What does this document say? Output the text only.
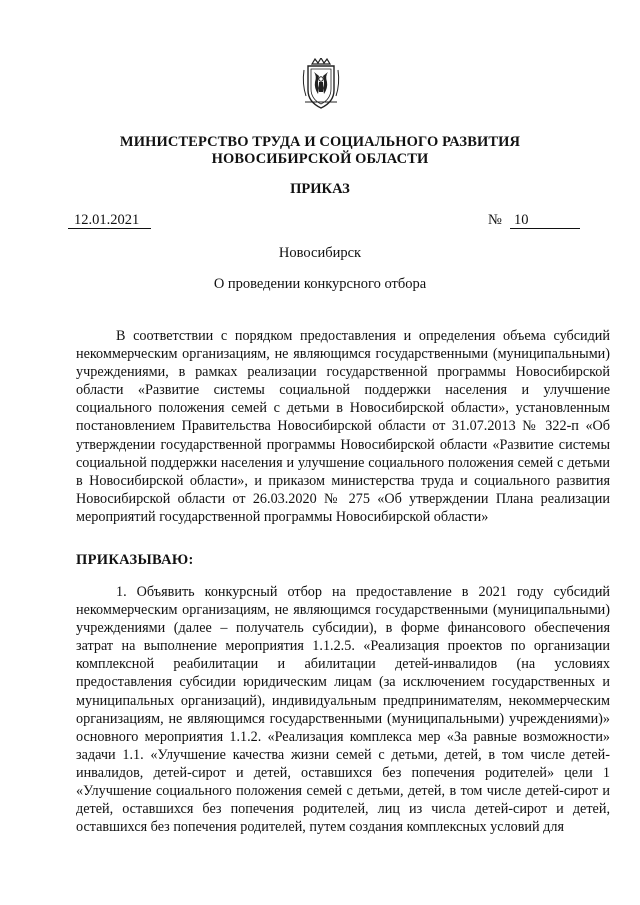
МИНИСТЕРСТВО ТРУДА И СОЦИАЛЬНОГО РАЗВИТИЯ
НОВОСИБИРСКОЙ ОБЛАСТИ
ПРИКАЗ
12.01.2021	№ 10
Новосибирск
О проведении конкурсного отбора

В соответствии с порядком предоставления и определения объема субсидий некоммерческим организациям, не являющимся государственными (муниципальными) учреждениями, в рамках реализации государственной программы Новосибирской области «Развитие системы социальной поддержки населения и улучшение социального положения семей с детьми в Новосибирской области», установленным постановлением Правительства Новосибирской области от 31.07.2013 № 322-п «Об утверждении государственной программы Новосибирской области «Развитие системы социальной поддержки населения и улучшение социального положения семей с детьми в Новосибирской области», и приказом министерства труда и социального развития Новосибирской области от 26.03.2020 № 275 «Об утверждении Плана реализации мероприятий государственной программы Новосибирской области»

ПРИКАЗЫВАЮ:

1. Объявить конкурсный отбор на предоставление в 2021 году субсидий некоммерческим организациям, не являющимся государственными (муниципальными) учреждениями (далее – получатель субсидии), в форме финансового обеспечения затрат на выполнение мероприятия 1.1.2.5. «Реализация проектов по организации комплексной реабилитации и абилитации детей-инвалидов (на условиях предоставления субсидии юридическим лицам (за исключением государственных и муниципальных организаций), индивидуальным предпринимателям, некоммерческим организациям, не являющимся государственными (муниципальными) учреждениями)» основного мероприятия 1.1.2. «Реализация комплекса мер «За равные возможности» задачи 1.1. «Улучшение качества жизни семей с детьми, детей, в том числе детей-инвалидов, детей-сирот и детей, оставшихся без попечения родителей» цели 1 «Улучшение социального положения семей с детьми, детей, в том числе детей-сирот и детей, оставшихся без попечения родителей, лиц из числа детей-сирот и детей, оставшихся без попечения родителей, путем создания комплексных условий для
